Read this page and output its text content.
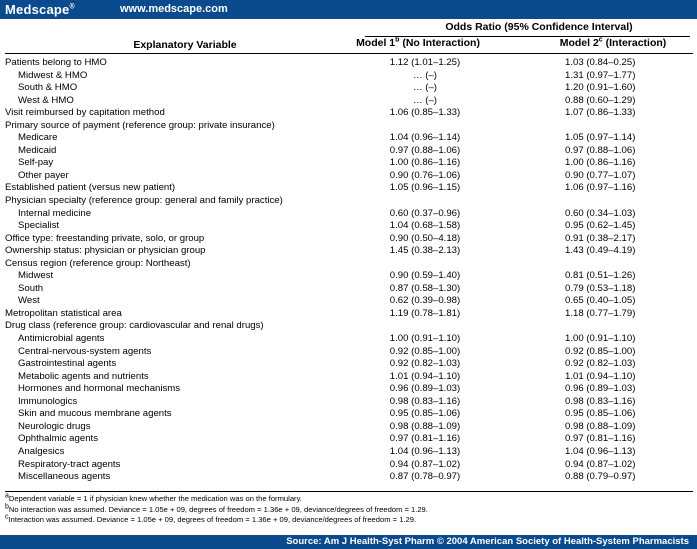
Medscape®	www.medscape.com
Odds Ratio (95% Confidence Interval)
Explanatory Variable	Model 1$^b$ (No Interaction)	Model 2$^c$ (Interaction)
Patients belong to HMO	1.12 (1.01–1.25)	1.03 (0.84–0.25)
Midwest & HMO	… (–)	1.31 (0.97–1.77)
South & HMO	… (–)	1.20 (0.91–1.60)
West & HMO	… (–)	0.88 (0.60–1.29)
Visit reimbursed by capitation method	1.06 (0.85–1.33)	1.07 (0.86–1.33)
Primary source of payment (reference group: private insurance)
Medicare	1.04 (0.96–1.14)	1.05 (0.97–1.14)
Medicaid	0.97 (0.88–1.06)	0.97 (0.88–1.06)
Self-pay	1.00 (0.86–1.16)	1.00 (0.86–1.16)
Other payer	0.90 (0.76–1.06)	0.90 (0.77–1.07)
Established patient (versus new patient)	1.05 (0.96–1.15)	1.06 (0.97–1.16)
Physician specialty (reference group: general and family practice)
Internal medicine	0.60 (0.37–0.96)	0.60 (0.34–1.03)
Specialist	1.04 (0.68–1.58)	0.95 (0.62–1.45)
Office type: freestanding private, solo, or group	0.90 (0.50–4.18)	0.91 (0.38–2.17)
Ownership status: physician or physician group	1.45 (0.38–2.13)	1.43 (0.49–4.19)
Census region (reference group: Northeast)
Midwest	0.90 (0.59–1.40)	0.81 (0.51–1.26)
South	0.87 (0.58–1.30)	0.79 (0.53–1.18)
West	0.62 (0.39–0.98)	0.65 (0.40–1.05)
Metropolitan statistical area	1.19 (0.78–1.81)	1.18 (0.77–1.79)
Drug class (reference group: cardiovascular and renal drugs)
Antimicrobial agents	1.00 (0.91–1.10)	1.00 (0.91–1.10)
Central-nervous-system agents	0.92 (0.85–1.00)	0.92 (0.85–1.00)
Gastrointestinal agents	0.92 (0.82–1.03)	0.92 (0.82–1.03)
Metabolic agents and nutrients	1.01 (0.94–1.10)	1.01 (0.94–1.10)
Hormones and hormonal mechanisms	0.96 (0.89–1.03)	0.96 (0.89–1.03)
Immunologics	0.98 (0.83–1.16)	0.98 (0.83–1.16)
Skin and mucous membrane agents	0.95 (0.85–1.06)	0.95 (0.85–1.06)
Neurologic drugs	0.98 (0.88–1.09)	0.98 (0.88–1.09)
Ophthalmic agents	0.97 (0.81–1.16)	0.97 (0.81–1.16)
Analgesics	1.04 (0.96–1.13)	1.04 (0.96–1.13)
Respiratory-tract agents	0.94 (0.87–1.02)	0.94 (0.87–1.02)
Miscellaneous agents	0.87 (0.78–0.97)	0.88 (0.79–0.97)
$^a$Dependent variable = 1 if physician knew whether the medication was on the formulary.
$^b$No interaction was assumed. Deviance = 1.05e + 09, degrees of freedom = 1.36e + 09, deviance/degrees of freedom = 1.29.
$^c$Interaction was assumed. Deviance = 1.05e + 09, degrees of freedom = 1.36e + 09, deviance/degrees of freedom = 1.29.
Source: Am J Health-Syst Pharm © 2004 American Society of Health-System Pharmacists
